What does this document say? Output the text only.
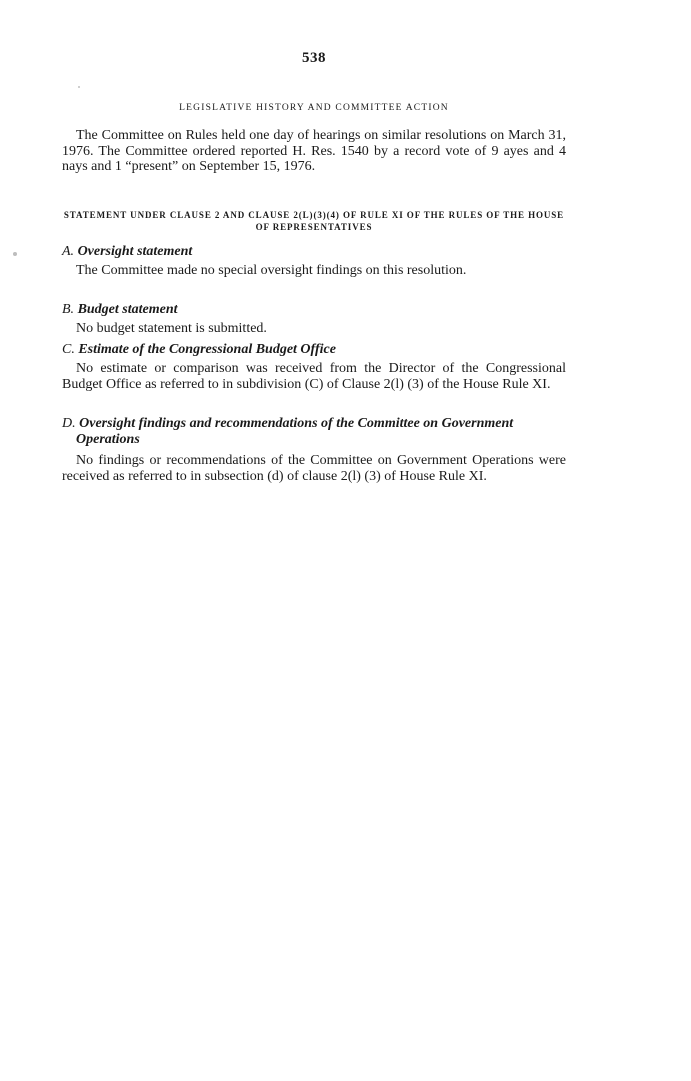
538
LEGISLATIVE HISTORY AND COMMITTEE ACTION

The Committee on Rules held one day of hearings on similar resolutions on March 31, 1976. The Committee ordered reported H. Res. 1540 by a record vote of 9 ayes and 4 nays and 1 “present” on September 15, 1976.

STATEMENT UNDER CLAUSE 2 AND CLAUSE 2(L)(3)(4) OF RULE XI OF THE RULES OF THE HOUSE OF REPRESENTATIVES

A. Oversight statement

The Committee made no special oversight findings on this resolution.

B. Budget statement

No budget statement is submitted.

C. Estimate of the Congressional Budget Office

No estimate or comparison was received from the Director of the Congressional Budget Office as referred to in subdivision (C) of Clause 2(l) (3) of the House Rule XI.

D. Oversight findings and recommendations of the Committee on Government Operations

No findings or recommendations of the Committee on Government Operations were received as referred to in subsection (d) of clause 2(l) (3) of House Rule XI.
